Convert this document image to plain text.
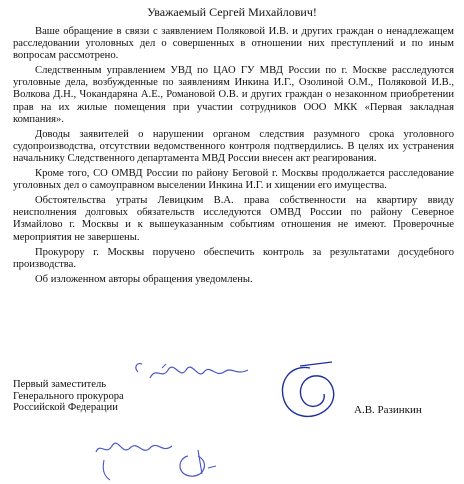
Уважаемый Сергей Михайлович!

Ваше обращение в связи с заявлением Поляковой И.В. и других граждан о ненадлежащем расследовании уголовных дел о совершенных в отношении них преступлений и по иным вопросам рассмотрено.

Следственным управлением УВД по ЦАО ГУ МВД России по г. Москве расследуются уголовные дела, возбужденные по заявлениям Инкина И.Г., Озолиной О.М., Поляковой И.В., Волкова Д.Н., Чокандаряна А.Е., Романовой О.В. и других граждан о незаконном приобретении прав на их жилые помещения при участии сотрудников ООО МКК «Первая закладная компания».

Доводы заявителей о нарушении органом следствия разумного срока уголовного судопроизводства, отсутствии ведомственного контроля подтвердились. В целях их устранения начальнику Следственного департамента МВД России внесен акт реагирования.

Кроме того, СО ОМВД России по району Беговой г. Москвы продолжается расследование уголовных дел о самоуправном выселении Инкина И.Г. и хищении его имущества.

Обстоятельства утраты Левицким В.А. права собственности на квартиру ввиду неисполнения долговых обязательств исследуются ОМВД России по району Северное Измайлово г. Москвы и к вышеуказанным событиям отношения не имеют. Проверочные мероприятия не завершены.

Прокурору г. Москвы поручено обеспечить контроль за результатами досудебного производства.

Об изложенном авторы обращения уведомлены.

Первый заместитель
Генерального прокурора
Российской Федерации	А.В. Разинкин
